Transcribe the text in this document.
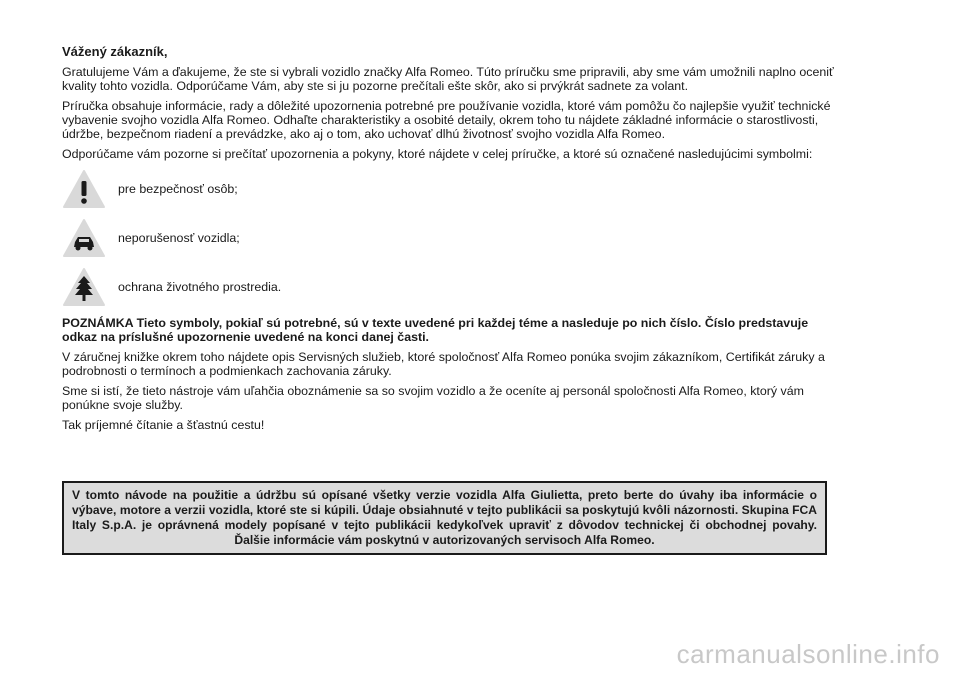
Vážený zákazník,

Gratulujeme Vám a ďakujeme, že ste si vybrali vozidlo značky Alfa Romeo. Túto príručku sme pripravili, aby sme vám umožnili naplno oceniť kvality tohto vozidla. Odporúčame Vám, aby ste si ju pozorne prečítali ešte skôr, ako si prvýkrát sadnete za volant.

Príručka obsahuje informácie, rady a dôležité upozornenia potrebné pre používanie vozidla, ktoré vám pomôžu čo najlepšie využiť technické vybavenie svojho vozidla Alfa Romeo. Odhaľte charakteristiky a osobité detaily, okrem toho tu nájdete základné informácie o starostlivosti, údržbe, bezpečnom riadení a prevádzke, ako aj o tom, ako uchovať dlhú životnosť svojho vozidla Alfa Romeo.

Odporúčame vám pozorne si prečítať upozornenia a pokyny, ktoré nájdete v celej príručke, a ktoré sú označené nasledujúcimi symbolmi:

pre bezpečnosť osôb;
neporušenosť vozidla;
ochrana životného prostredia.

POZNÁMKA Tieto symboly, pokiaľ sú potrebné, sú v texte uvedené pri každej téme a nasleduje po nich číslo. Číslo predstavuje odkaz na príslušné upozornenie uvedené na konci danej časti.

V záručnej knižke okrem toho nájdete opis Servisných služieb, ktoré spoločnosť Alfa Romeo ponúka svojim zákazníkom, Certifikát záruky a podrobnosti o termínoch a podmienkach zachovania záruky.

Sme si istí, že tieto nástroje vám uľahčia oboznámenie sa so svojim vozidlo a že oceníte aj personál spoločnosti Alfa Romeo, ktorý vám ponúkne svoje služby.

Tak príjemné čítanie a šťastnú cestu!

V tomto návode na použitie a údržbu sú opísané všetky verzie vozidla Alfa Giulietta, preto berte do úvahy iba informácie o výbave, motore a verzii vozidla, ktoré ste si kúpili. Údaje obsiahnuté v tejto publikácii sa poskytujú kvôli názornosti. Skupina FCA Italy S.p.A. je oprávnená modely popísané v tejto publikácii kedykoľvek upraviť z dôvodov technickej či obchodnej povahy. Ďalšie informácie vám poskytnú v autorizovaných servisoch Alfa Romeo.
carmanualsonline.info
